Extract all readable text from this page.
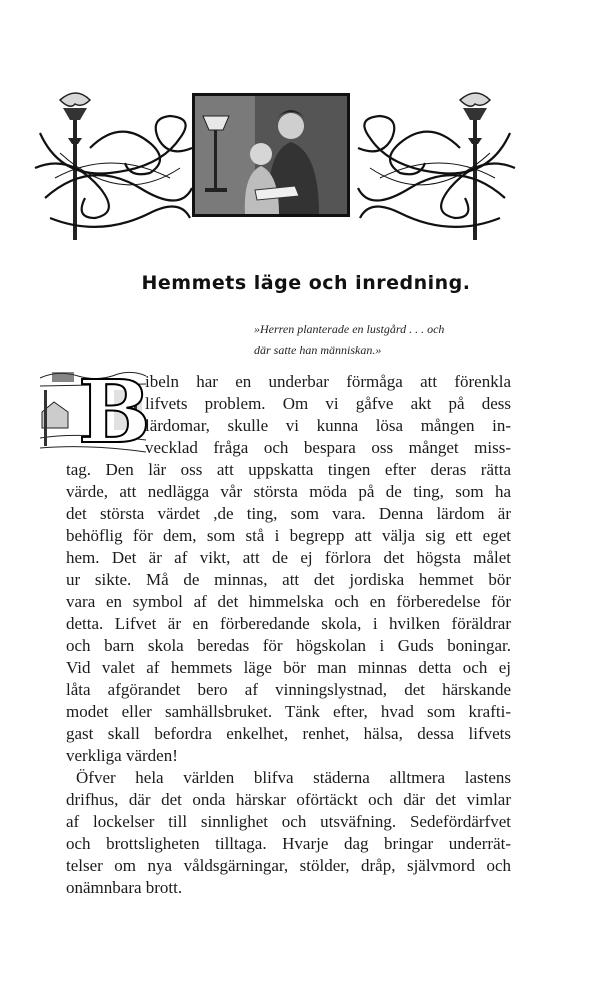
Hemmets läge och inredning.
»Herren planterade en lustgård . . . och
där satte han människan.»
B
ibeln har en underbar förmåga att förenkla
lifvets problem. Om vi gåfve akt på dess
lärdomar, skulle vi kunna lösa mången in-
vecklad fråga och bespara oss månget miss-
tag. Den lär oss att uppskatta tingen efter deras rätta
värde, att nedlägga vår största möda på de ting, som ha
det största värdet ,de ting, som vara. Denna lärdom är
behöflig för dem, som stå i begrepp att välja sig ett eget
hem. Det är af vikt, att de ej förlora det högsta målet
ur sikte. Må de minnas, att det jordiska hemmet bör
vara en symbol af det himmelska och en förberedelse för
detta. Lifvet är en förberedande skola, i hvilken föräldrar
och barn skola beredas för högskolan i Guds boningar.
Vid valet af hemmets läge bör man minnas detta och ej
låta afgörandet bero af vinningslystnad, det härskande
modet eller samhällsbruket. Tänk efter, hvad som krafti-
gast skall befordra enkelhet, renhet, hälsa, dessa lifvets
verkliga värden!
Öfver hela världen blifva städerna alltmera lastens
drifhus, där det onda härskar oförtäckt och där det vimlar
af lockelser till sinnlighet och utsväfning. Sedefördärfvet
och brottsligheten tilltaga. Hvarje dag bringar underrät-
telser om nya våldsgärningar, stölder, dråp, självmord och
onämnbara brott.
